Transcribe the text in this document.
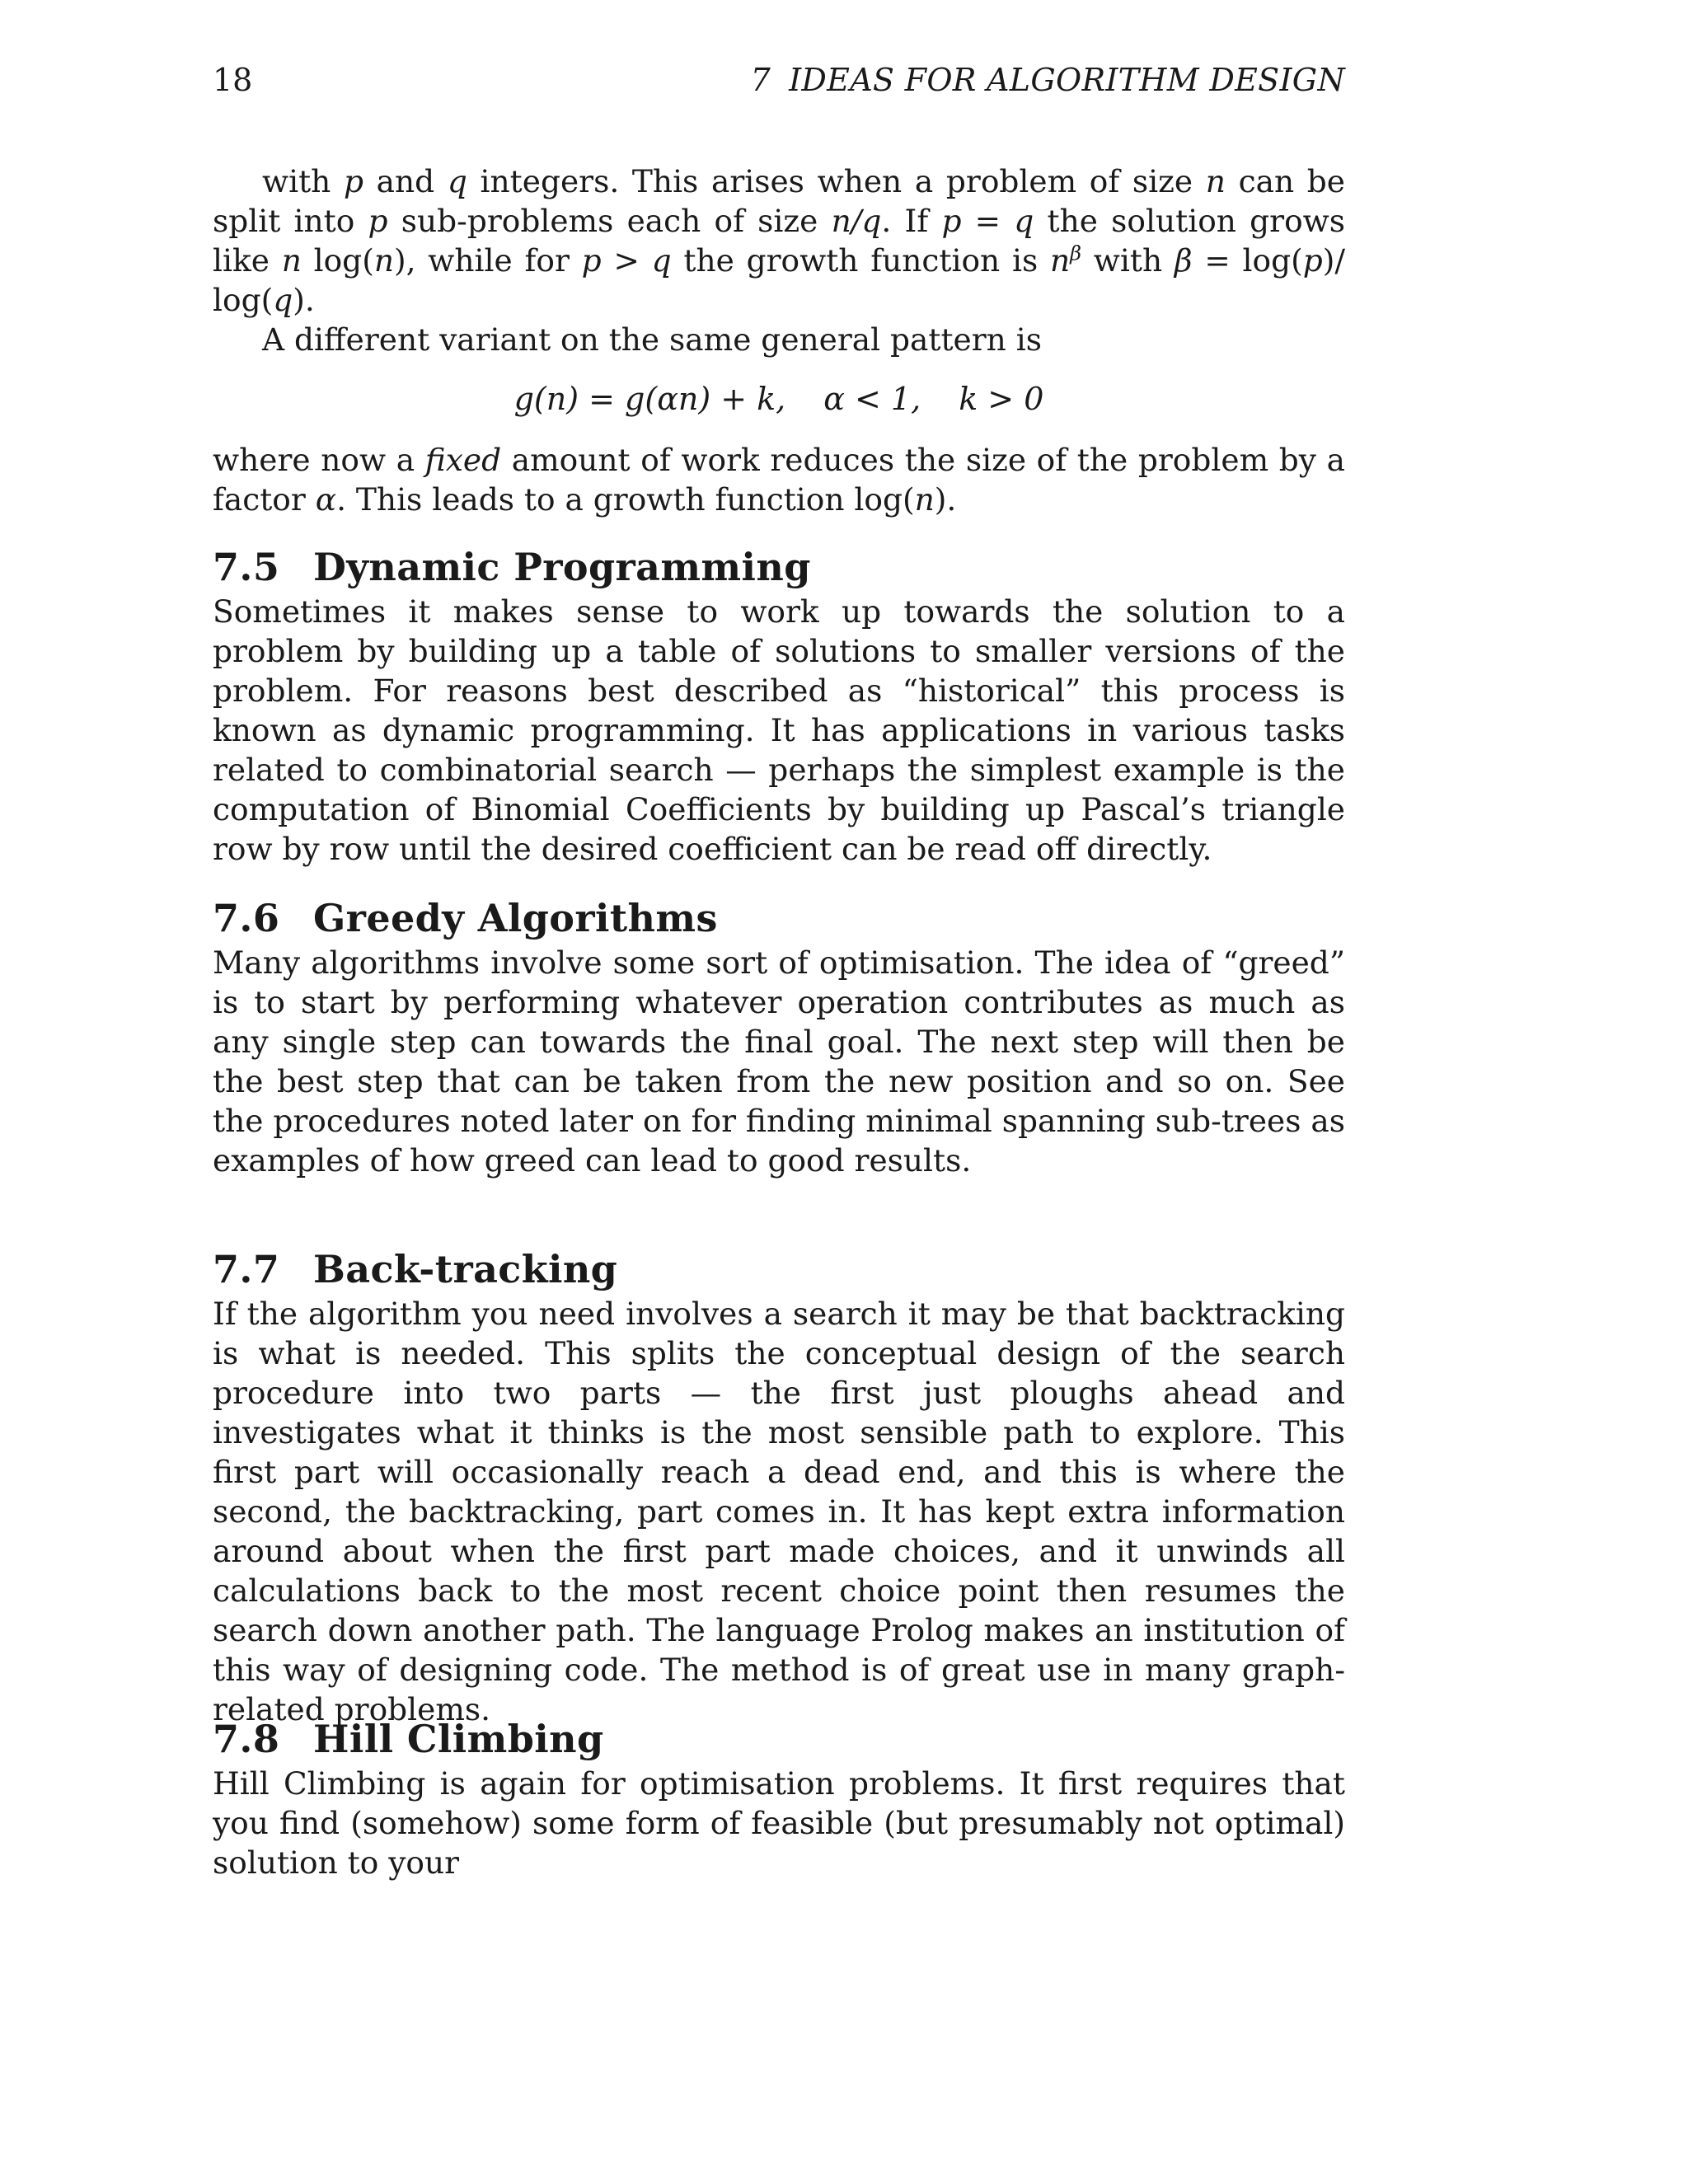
18	7 IDEAS FOR ALGORITHM DESIGN

with p and q integers. This arises when a problem of size n can be split into p sub-problems each of size n/q. If p = q the solution grows like n log(n), while for p > q the growth function is $n^\beta$ with β = log(p)/ log(q).

A different variant on the same general pattern is

g(n) = g(αn) + k, α < 1, k > 0

where now a fixed amount of work reduces the size of the problem by a factor α. This leads to a growth function log(n).

7.5 Dynamic Programming

Sometimes it makes sense to work up towards the solution to a problem by building up a table of solutions to smaller versions of the problem. For reasons best described as “historical” this process is known as dynamic programming. It has applications in various tasks related to combinatorial search — perhaps the simplest example is the computation of Binomial Coefficients by building up Pascal’s triangle row by row until the desired coefficient can be read off directly.

7.6 Greedy Algorithms

Many algorithms involve some sort of optimisation. The idea of “greed” is to start by performing whatever operation contributes as much as any single step can towards the final goal. The next step will then be the best step that can be taken from the new position and so on. See the procedures noted later on for finding minimal spanning sub-trees as examples of how greed can lead to good results.

7.7 Back-tracking

If the algorithm you need involves a search it may be that backtracking is what is needed. This splits the conceptual design of the search procedure into two parts — the first just ploughs ahead and investigates what it thinks is the most sensible path to explore. This first part will occasionally reach a dead end, and this is where the second, the backtracking, part comes in. It has kept extra information around about when the first part made choices, and it unwinds all calculations back to the most recent choice point then resumes the search down another path. The language Prolog makes an institution of this way of designing code. The method is of great use in many graph-related problems.

7.8 Hill Climbing

Hill Climbing is again for optimisation problems. It first requires that you find (somehow) some form of feasible (but presumably not optimal) solution to your
